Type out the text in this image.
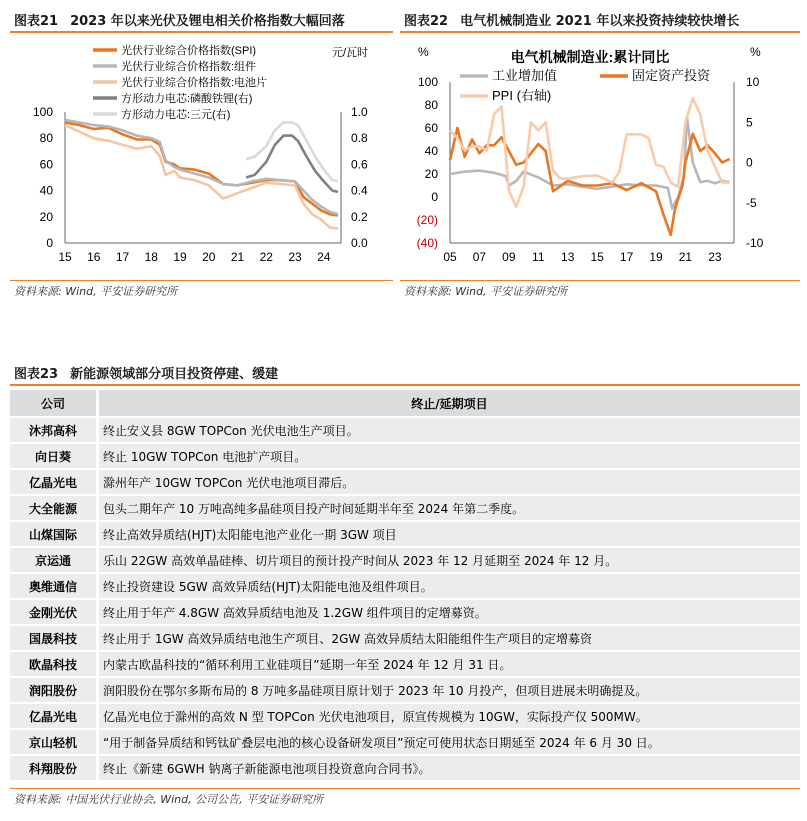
图表21 2023 年以来光伏及锂电相关价格指数大幅回落
15 16 17 18 19 20 21 22 23 24
0
20
40
60
80
100
0.0
0.2
0.4
0.6
0.8
1.0
元/瓦时
光伏行业综合价格指数(SPI)
光伏行业综合价格指数:组件
光伏行业综合价格指数:电池片
方形动力电芯:磷酸铁锂(右)
方形动力电芯:三元(右)
资料来源: Wind, 平安证券研究所
图表22 电气机械制造业 2021 年以来投资持续较快增长
05 07 09 11 13 15 17 19 21 23
(40)
(20)
0
20
40
60
80
100
-10
-5
0
5
10
%	%
电气机械制造业:累计同比
工业增加值	固定资产投资
PPI (右轴)
资料来源: Wind, 平安证券研究所
图表23 新能源领域部分项目投资停建、缓建
公司	终止/延期项目
沐邦高科	终止安义县 8GW TOPCon 光伏电池生产项目。
向日葵	终止 10GW TOPCon 电池扩产项目。
亿晶光电	滁州年产 10GW TOPCon 光伏电池项目滞后。
大全能源	包头二期年产 10 万吨高纯多晶硅项目投产时间延期半年至 2024 年第二季度。
山煤国际	终止高效异质结(HJT)太阳能电池产业化一期 3GW 项目
京运通	乐山 22GW 高效单晶硅棒、切片项目的预计投产时间从 2023 年 12 月延期至 2024 年 12 月。
奥维通信	终止投资建设 5GW 高效异质结(HJT)太阳能电池及组件项目。
金刚光伏	终止用于年产 4.8GW 高效异质结电池及 1.2GW 组件项目的定增募资。
国晟科技	终止用于 1GW 高效异质结电池生产项目、2GW 高效异质结太阳能组件生产项目的定增募资
欧晶科技	内蒙古欧晶科技的“循环利用工业硅项目”延期一年至 2024 年 12 月 31 日。
润阳股份	润阳股份在鄂尔多斯布局的 8 万吨多晶硅项目原计划于 2023 年 10 月投产，但项目进展未明确提及。
亿晶光电	亿晶光电位于滁州的高效 N 型 TOPCon 光伏电池项目，原宣传规模为 10GW，实际投产仅 500MW。
京山轻机	“用于制备异质结和钙钛矿叠层电池的核心设备研发项目”预定可使用状态日期延至 2024 年 6 月 30 日。
科翔股份	终止《新建 6GWH 钠离子新能源电池项目投资意向合同书》。
资料来源: 中国光伏行业协会, Wind, 公司公告, 平安证券研究所
